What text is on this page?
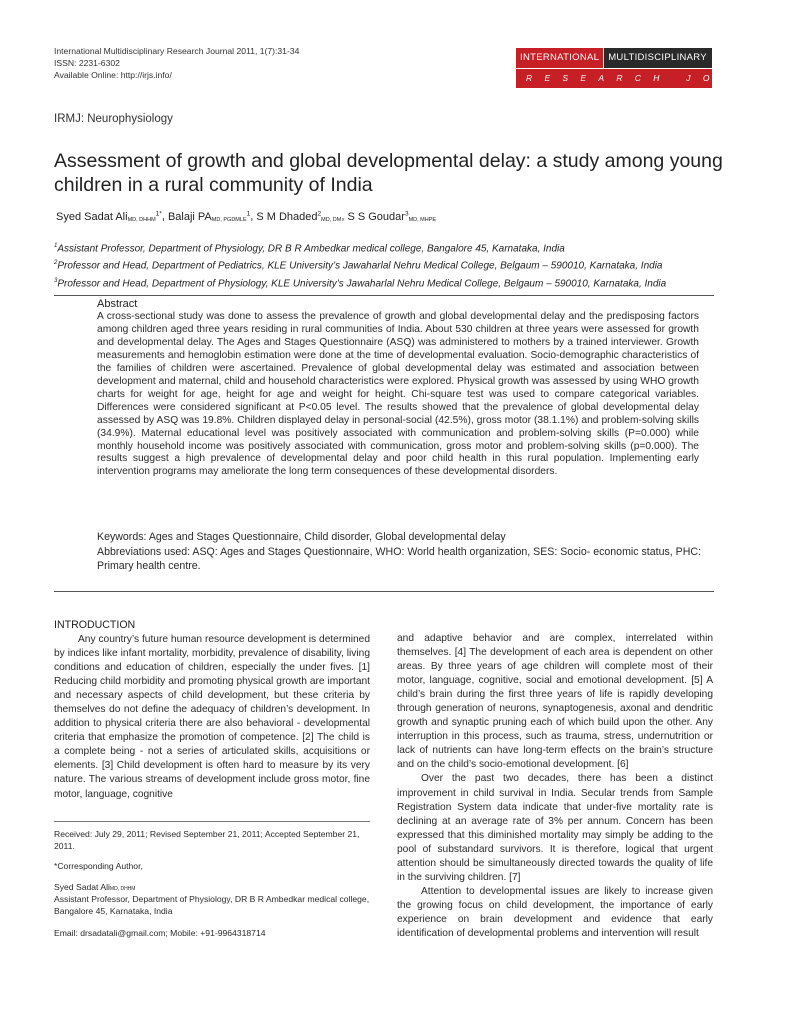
International Multidisciplinary Research Journal 2011, 1(7):31-34
ISSN: 2231-6302
Available Online: http://irjs.info/
INTERNATIONAL MULTIDISCIPLINARY
RESEARCH JOURNAL
IRMJ: Neurophysiology
Assessment of growth and global developmental delay: a study among young children in a rural community of India
Syed Sadat Ali$_{MD, DHHM}^{1*}$, Balaji $PA_{MD, PGDMLE}^1$, S M Dhaded$^2_{MD, DM}$, S S Goudar$^3_{MD, MHPE}$
$^1$Assistant Professor, Department of Physiology, DR B R Ambedkar medical college, Bangalore 45, Karnataka, India
$^2$Professor and Head, Department of Pediatrics, KLE University’s Jawaharlal Nehru Medical College, Belgaum – 590010, Karnataka, India
$^3$Professor and Head, Department of Physiology, KLE University’s Jawaharlal Nehru Medical College, Belgaum – 590010, Karnataka, India
Abstract
A cross-sectional study was done to assess the prevalence of growth and global developmental delay and the predisposing factors among children aged three years residing in rural communities of India. About 530 children at three years were assessed for growth and developmental delay. The Ages and Stages Questionnaire (ASQ) was administered to mothers by a trained interviewer. Growth measurements and hemoglobin estimation were done at the time of developmental evaluation. Socio-demographic characteristics of the families of children were ascertained. Prevalence of global developmental delay was estimated and association between development and maternal, child and household characteristics were explored. Physical growth was assessed by using WHO growth charts for weight for age, height for age and weight for height. Chi-square test was used to compare categorical variables. Differences were considered significant at P<0.05 level. The results showed that the prevalence of global developmental delay assessed by ASQ was 19.8%. Children displayed delay in personal-social (42.5%), gross motor (38.1.1%) and problem-solving skills (34.9%). Maternal educational level was positively associated with communication and problem-solving skills (P=0.000) while monthly household income was positively associated with communication, gross motor and problem-solving skills (p=0.000). The results suggest a high prevalence of developmental delay and poor child health in this rural population. Implementing early intervention programs may ameliorate the long term consequences of these developmental disorders.
Keywords: Ages and Stages Questionnaire, Child disorder, Global developmental delay
Abbreviations used: ASQ: Ages and Stages Questionnaire, WHO: World health organization, SES: Socio- economic status, PHC: Primary health centre.
INTRODUCTION

Any country’s future human resource development is determined by indices like infant mortality, morbidity, prevalence of disability, living conditions and education of children, especially the under fives. [1] Reducing child morbidity and promoting physical growth are important and necessary aspects of child development, but these criteria by themselves do not define the adequacy of children’s development. In addition to physical criteria there are also behavioral - developmental criteria that emphasize the promotion of competence. [2] The child is a complete being - not a series of articulated skills, acquisitions or elements. [3] Child development is often hard to measure by its very nature. The various streams of development include gross motor, fine motor, language, cognitive

Received: July 29, 2011; Revised September 21, 2011; Accepted September 21, 2011.
*Corresponding Author,
Syed Sadat AliMD, DHHM
Assistant Professor, Department of Physiology, DR B R Ambedkar medical college, Bangalore 45, Karnataka, India
Email: drsadatali@gmail.com; Mobile: +91-9964318714

and adaptive behavior and are complex, interrelated within themselves. [4] The development of each area is dependent on other areas. By three years of age children will complete most of their motor, language, cognitive, social and emotional development. [5] A child’s brain during the first three years of life is rapidly developing through generation of neurons, synaptogenesis, axonal and dendritic growth and synaptic pruning each of which build upon the other. Any interruption in this process, such as trauma, stress, undernutrition or lack of nutrients can have long-term effects on the brain’s structure and on the child’s socio-emotional development. [6]

Over the past two decades, there has been a distinct improvement in child survival in India. Secular trends from Sample Registration System data indicate that under-five mortality rate is declining at an average rate of 3% per annum. Concern has been expressed that this diminished mortality may simply be adding to the pool of substandard survivors. It is therefore, logical that urgent attention should be simultaneously directed towards the quality of life in the surviving children. [7]

Attention to developmental issues are likely to increase given the growing focus on child development, the importance of early experience on brain development and evidence that early identification of developmental problems and intervention will result
